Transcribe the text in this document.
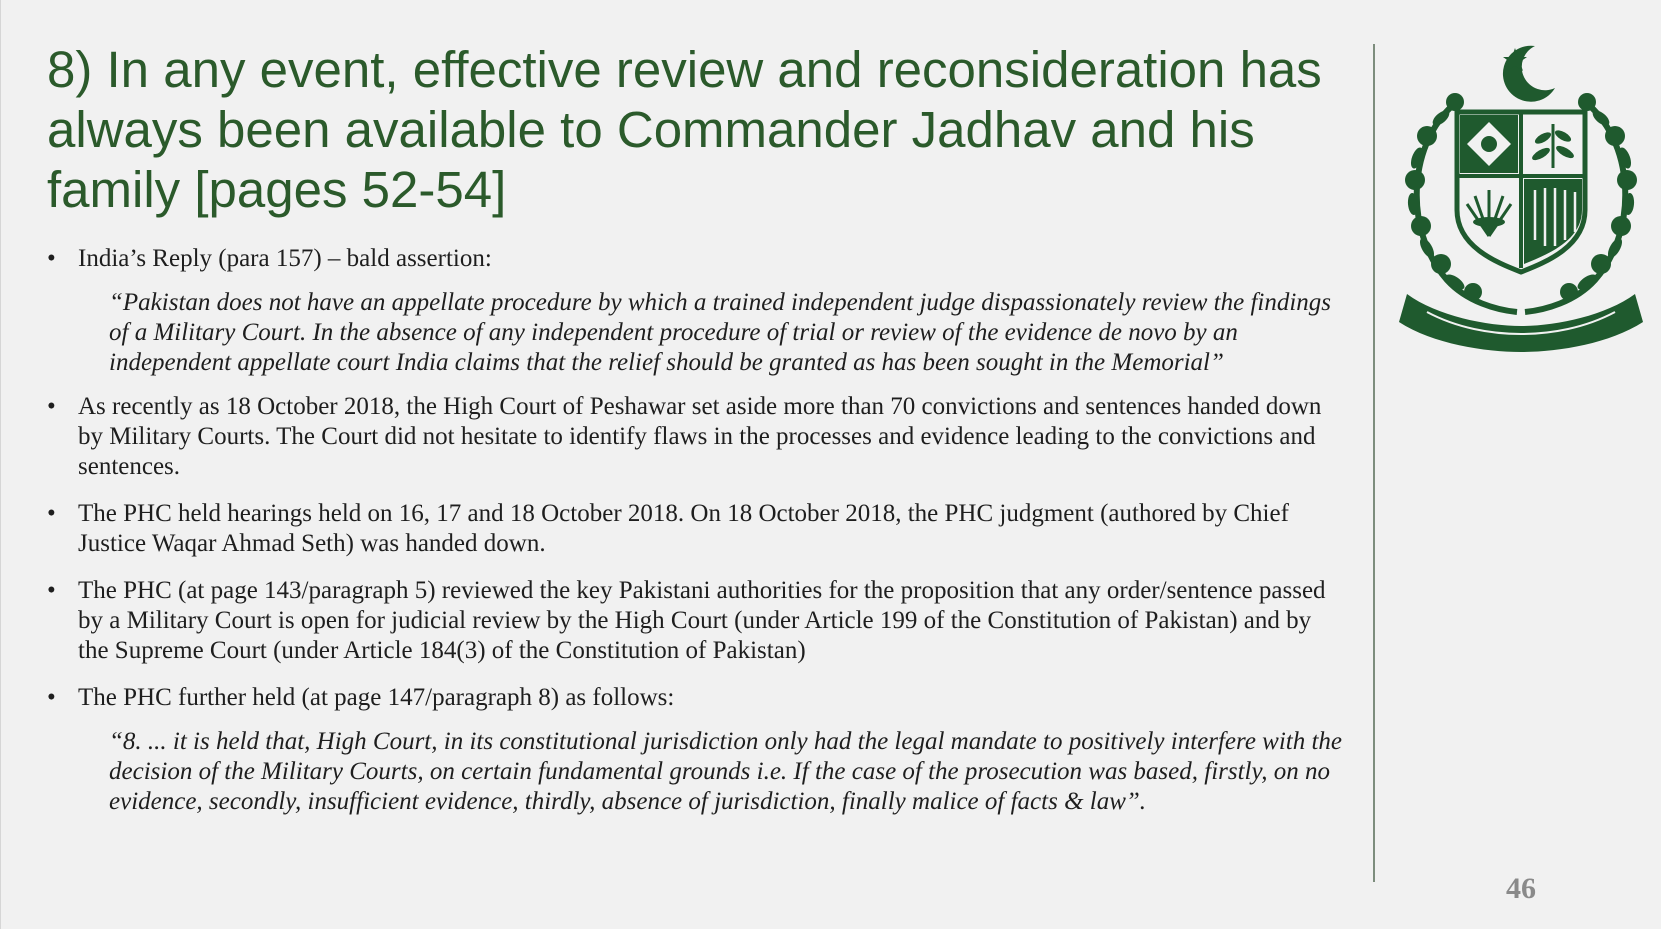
8) In any event, effective review and reconsideration has always been available to Commander Jadhav and his family [pages 52-54]
• India’s Reply (para 157) – bald assertion:
“Pakistan does not have an appellate procedure by which a trained independent judge dispassionately review the findings of a Military Court. In the absence of any independent procedure of trial or review of the evidence de novo by an independent appellate court India claims that the relief should be granted as has been sought in the Memorial”
• As recently as 18 October 2018, the High Court of Peshawar set aside more than 70 convictions and sentences handed down by Military Courts. The Court did not hesitate to identify flaws in the processes and evidence leading to the convictions and sentences.
• The PHC held hearings held on 16, 17 and 18 October 2018. On 18 October 2018, the PHC judgment (authored by Chief Justice Waqar Ahmad Seth) was handed down.
• The PHC (at page 143/paragraph 5) reviewed the key Pakistani authorities for the proposition that any order/sentence passed by a Military Court is open for judicial review by the High Court (under Article 199 of the Constitution of Pakistan) and by the Supreme Court (under Article 184(3) of the Constitution of Pakistan)
• The PHC further held (at page 147/paragraph 8) as follows:
“8. ... it is held that, High Court, in its constitutional jurisdiction only had the legal mandate to positively interfere with the decision of the Military Courts, on certain fundamental grounds i.e. If the case of the prosecution was based, firstly, on no evidence, secondly, insufficient evidence, thirdly, absence of jurisdiction, finally malice of facts & law”.
46
